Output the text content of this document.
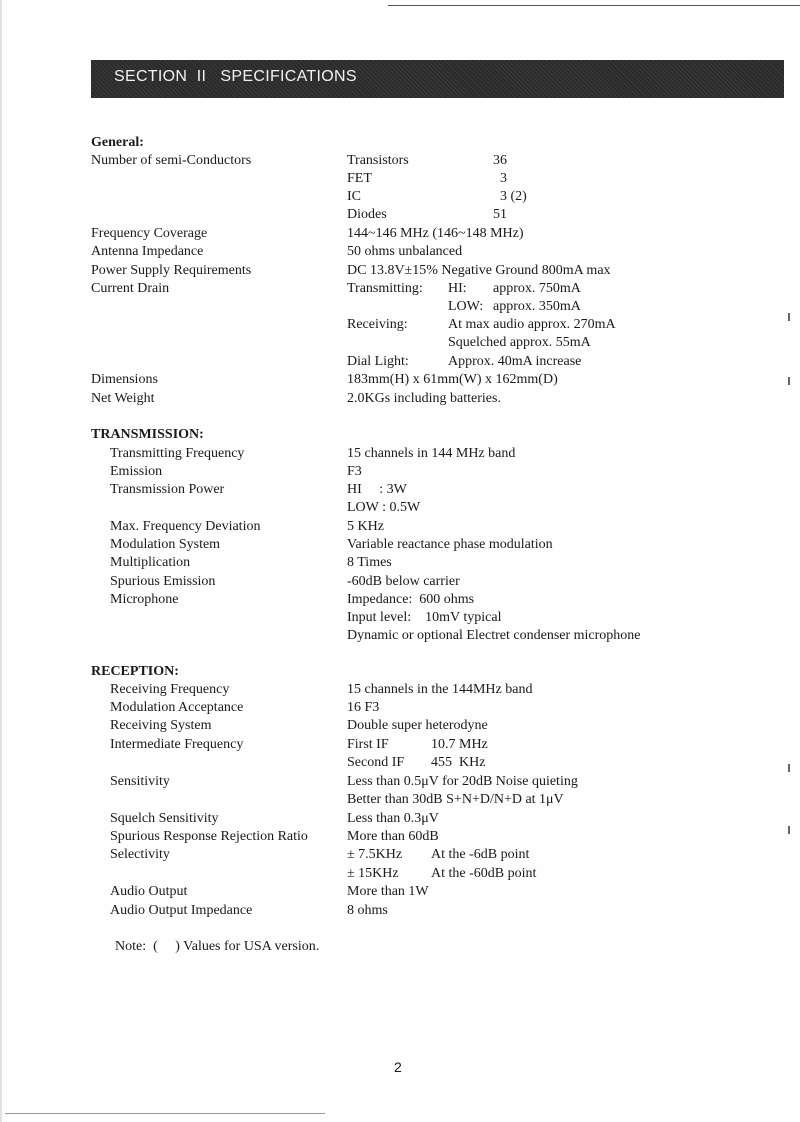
SECTION  II   SPECIFICATIONS
General:
Number of semi-Conductors	Transistors	36
FET	3
IC	3 (2)
Diodes	51
Frequency Coverage	144~146 MHz (146~148 MHz)
Antenna Impedance	50 ohms unbalanced
Power Supply Requirements	DC 13.8V±15% Negative Ground 800mA max
Current Drain	Transmitting: HI: approx. 750mA
LOW: approx. 350mA
Receiving:	At max audio approx. 270mA
Squelched approx. 55mA
Dial Light:	Approx. 40mA increase
Dimensions	183mm(H) x 61mm(W) x 162mm(D)
Net Weight	2.0KGs including batteries.
TRANSMISSION:
Transmitting Frequency	15 channels in 144 MHz band
Emission	F3
Transmission Power	HI     : 3W
LOW : 0.5W
Max. Frequency Deviation	5 KHz
Modulation System	Variable reactance phase modulation
Multiplication	8 Times
Spurious Emission	-60dB below carrier
Microphone	Impedance:  600 ohms
Input level:    10mV typical
Dynamic or optional Electret condenser microphone
RECEPTION:
Receiving Frequency	15 channels in the 144MHz band
Modulation Acceptance	16 F3
Receiving System	Double super heterodyne
Intermediate Frequency	First IF	10.7 MHz
Second IF 455  KHz
Sensitivity	Less than 0.5μV for 20dB Noise quieting
Better than 30dB S+N+D/N+D at 1μV
Squelch Sensitivity	Less than 0.3μV
Spurious Response Rejection Ratio	More than 60dB
Selectivity	± 7.5KHz At the -6dB point
± 15KHz At the -60dB point
Audio Output	More than 1W
Audio Output Impedance	8 ohms
Note:  (     ) Values for USA version.
2
